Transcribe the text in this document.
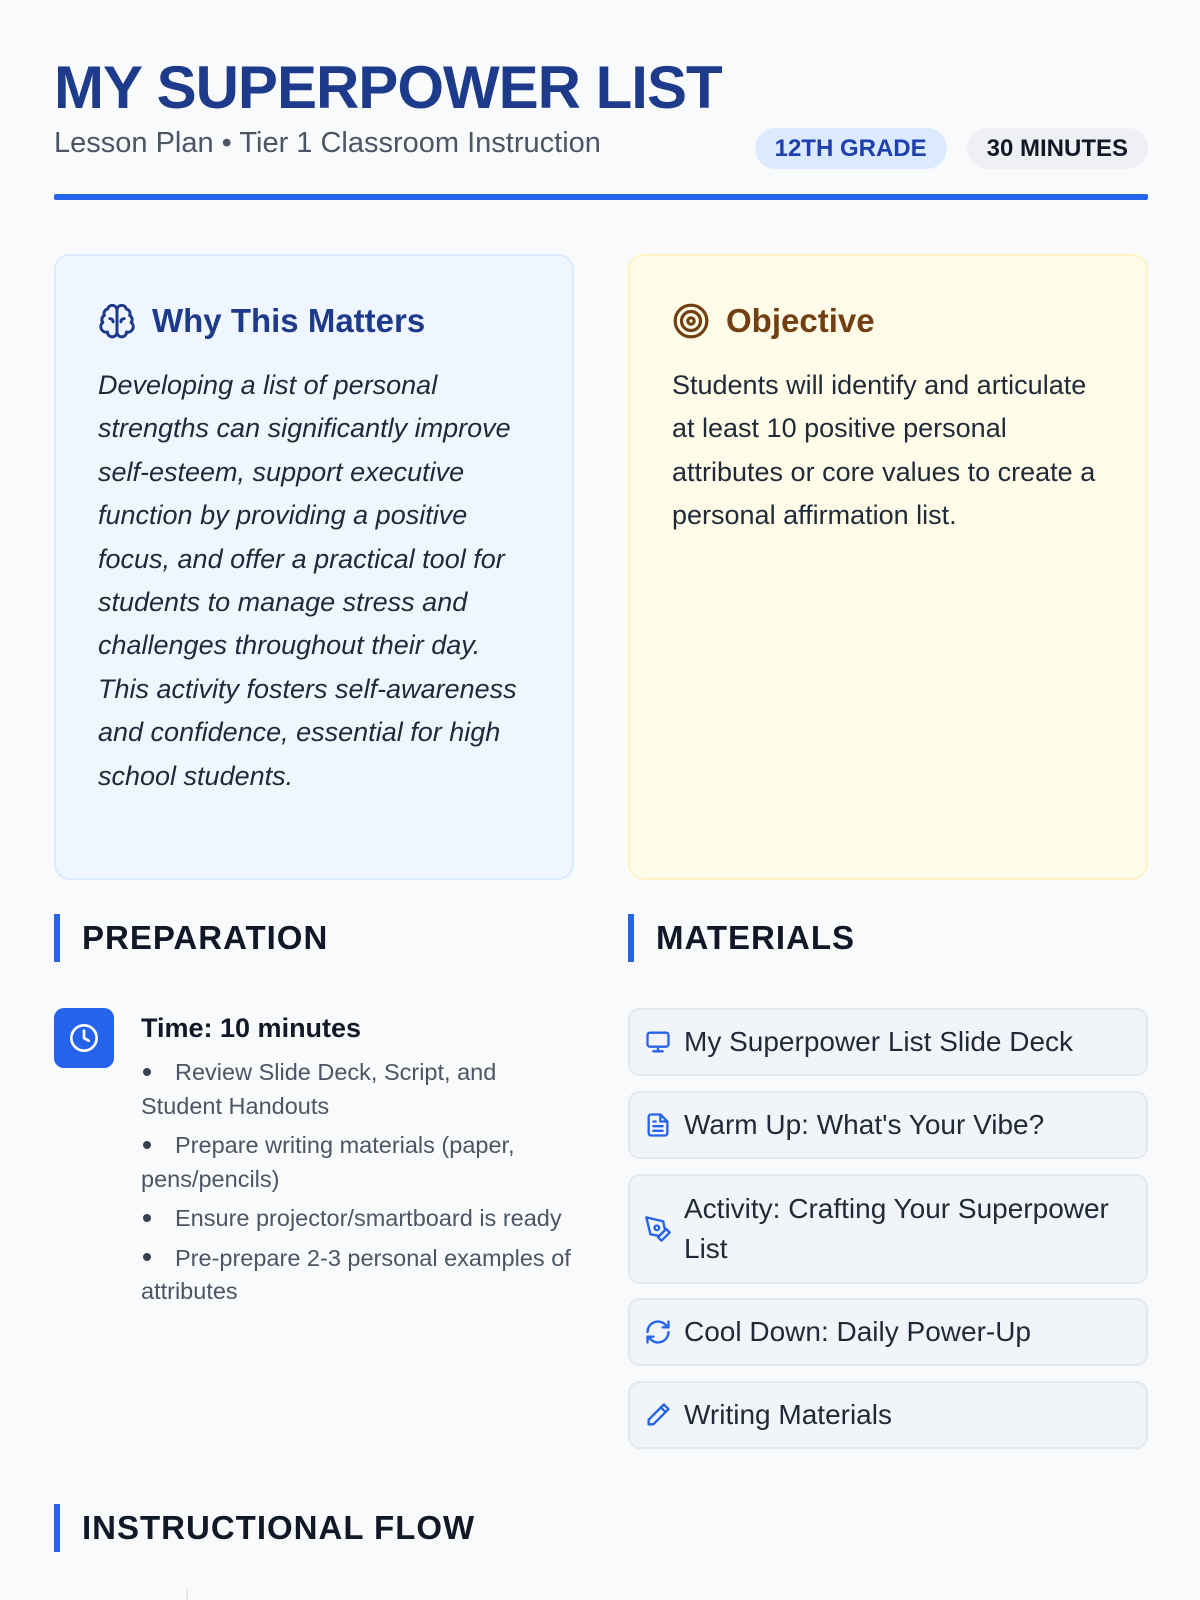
MY SUPERPOWER LIST
Lesson Plan • Tier 1 Classroom Instruction	12TH GRADE	30 MINUTES
Why This Matters

Developing a list of personal strengths can significantly improve self-esteem, support executive function by providing a positive focus, and offer a practical tool for students to manage stress and challenges throughout their day. This activity fosters self-awareness and confidence, essential for high school students.

Objective

Students will identify and articulate at least 10 positive personal attributes or core values to create a personal affirmation list.

PREPARATION
Time: 10 minutes
Review Slide Deck, Script, and Student Handouts
Prepare writing materials (paper, pens/pencils)
Ensure projector/smartboard is ready
Pre-prepare 2-3 personal examples of attributes
MATERIALS
My Superpower List Slide Deck
Warm Up: What's Your Vibe?
Activity: Crafting Your Superpower List
Cool Down: Daily Power-Up
Writing Materials
INSTRUCTIONAL FLOW
